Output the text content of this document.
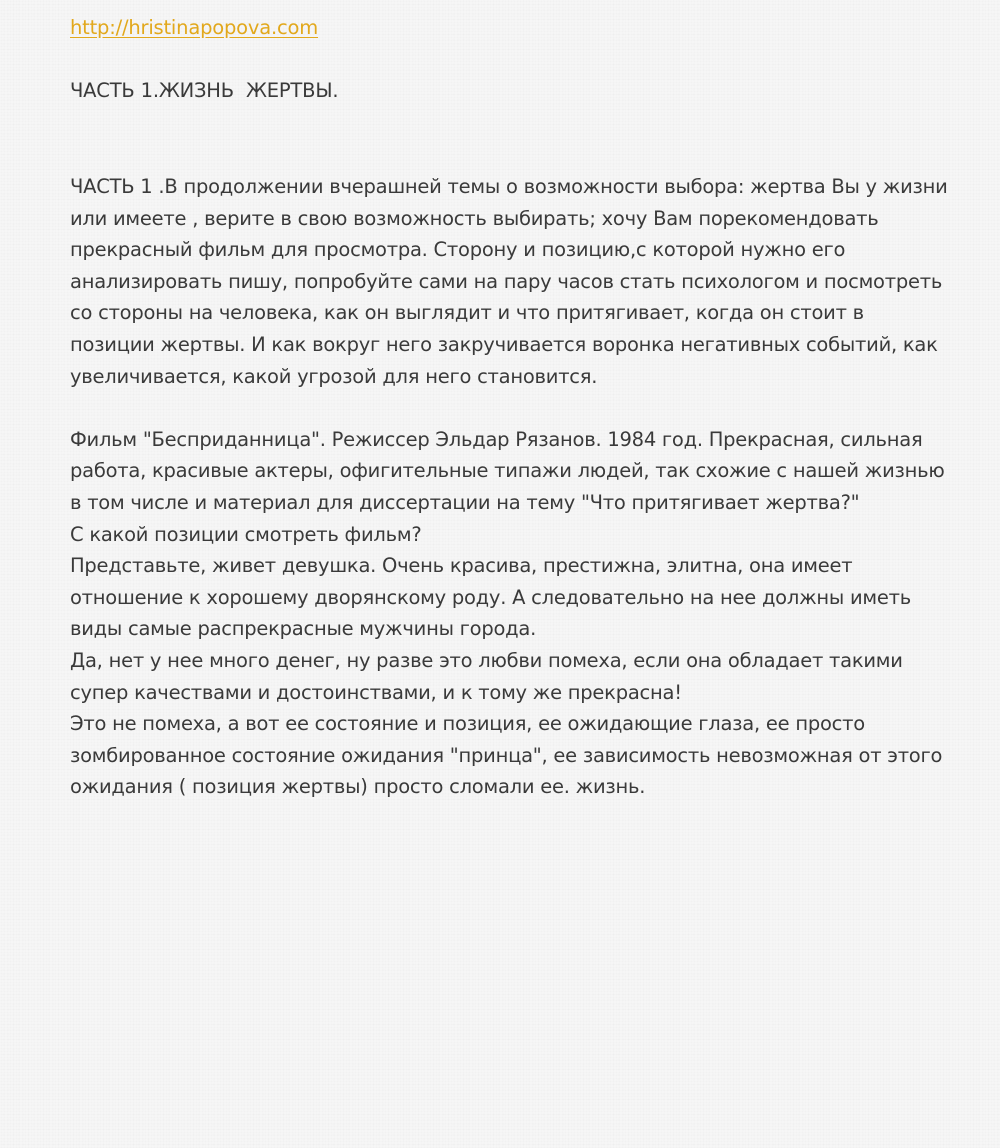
http://hristinapopova.com
ЧАСТЬ 1.ЖИЗНЬ  ЖЕРТВЫ.

ЧАСТЬ 1 .В продолжении вчерашней темы о возможности выбора: жертва Вы у жизни или имеете , верите в свою возможность выбирать; хочу Вам порекомендовать прекрасный фильм для просмотра. Сторону и позицию,с которой нужно его анализировать пишу, попробуйте сами на пару часов стать психологом и посмотреть со стороны на человека, как он выглядит и что притягивает, когда он стоит в позиции жертвы. И как вокруг него закручивается воронка негативных событий, как увеличивается, какой угрозой для него становится.

Фильм "Бесприданница". Режиссер Эльдар Рязанов. 1984 год. Прекрасная, сильная работа, красивые актеры, офигительные типажи людей, так схожие с нашей жизнью в том числе и материал для диссертации на тему "Что притягивает жертва?"

С какой позиции смотреть фильм?

Представьте, живет девушка. Очень красива, престижна, элитна, она имеет отношение к хорошему дворянскому роду. А следовательно на нее должны иметь виды самые распрекрасные мужчины города.

Да, нет у нее много денег, ну разве это любви помеха, если она обладает такими супер качествами и достоинствами, и к тому же прекрасна!

Это не помеха, а вот ее состояние и позиция, ее ожидающие глаза, ее просто зомбированное состояние ожидания "принца", ее зависимость невозможная от этого ожидания ( позиция жертвы) просто сломали ее. жизнь.
